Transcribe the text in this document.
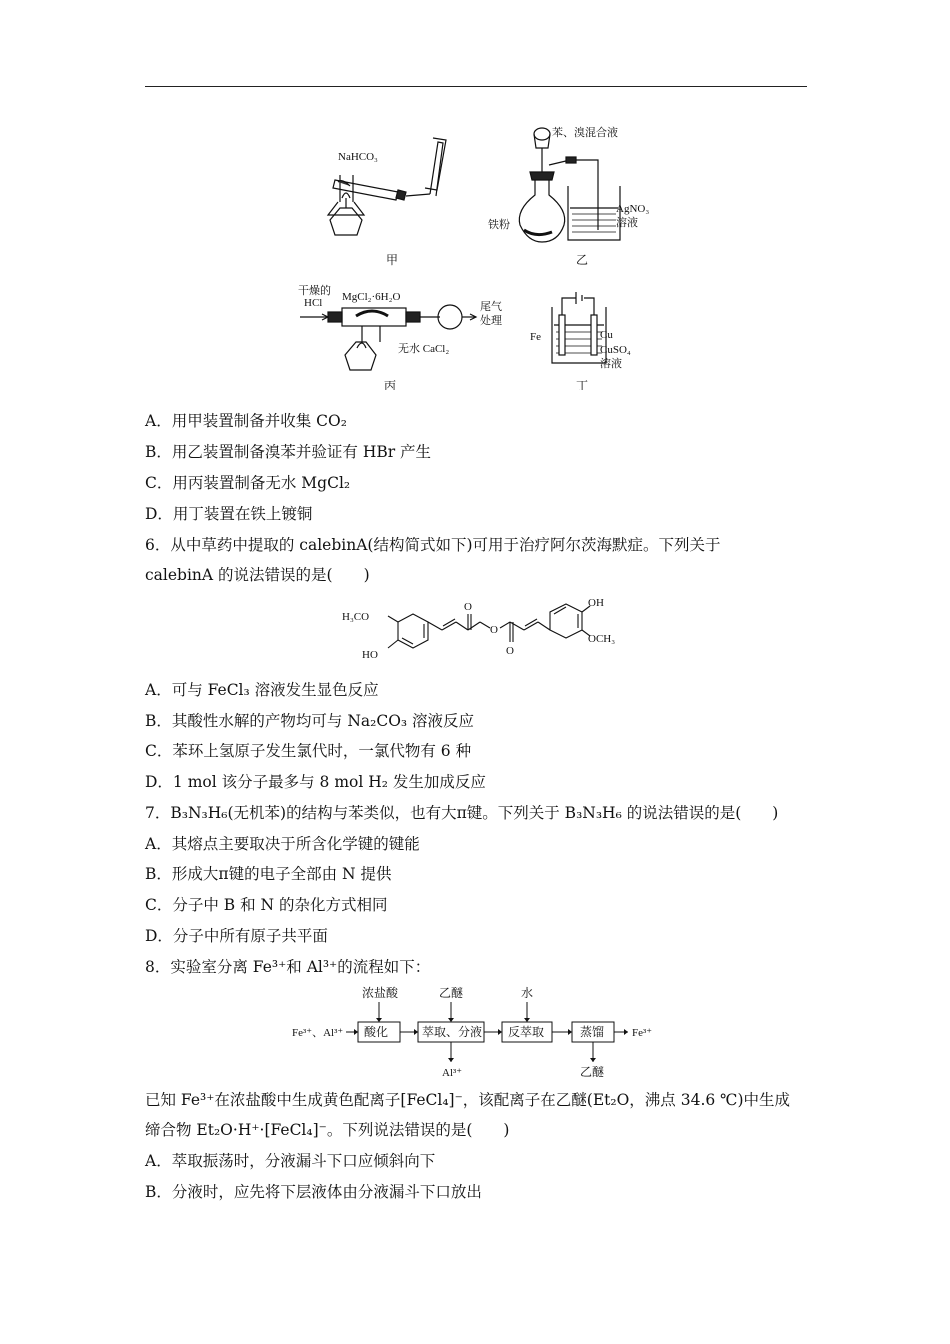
NaHCO₃
甲
苯、溴混合液
铁粉
AgNO₃
溶液
乙
干燥的
HCl MgCl₂·6H₂O
无水 CaCl₂
尾气
处理
丙
Fe	Cu
CuSO₄
溶液
丁
A．用甲装置制备并收集 CO₂
B．用乙装置制备溴苯并验证有 HBr 产生
C．用丙装置制备无水 MgCl₂
D．用丁装置在铁上镀铜
6．从中草药中提取的 calebinA(结构简式如下)可用于治疗阿尔茨海默症。下列关于
calebinA 的说法错误的是(　　)
H₃CO
HO
O
O
O
OH
OCH₃
A．可与 FeCl₃ 溶液发生显色反应
B．其酸性水解的产物均可与 Na₂CO₃ 溶液反应
C．苯环上氢原子发生氯代时，一氯代物有 6 种
D．1 mol 该分子最多与 8 mol H₂ 发生加成反应
7．B₃N₃H₆(无机苯)的结构与苯类似，也有大π键。下列关于 B₃N₃H₆ 的说法错误的是(　　)
A．其熔点主要取决于所含化学键的键能
B．形成大π键的电子全部由 N 提供
C．分子中 B 和 N 的杂化方式相同
D．分子中所有原子共平面
8．实验室分离 Fe³⁺和 Al³⁺的流程如下：
Fe³⁺、Al³⁺ 酸化
浓盐酸
萃取、分液
乙醚
Al³⁺
反萃取
水
蒸馏
乙醚
Fe³⁺
已知 Fe³⁺在浓盐酸中生成黄色配离子[FeCl₄]⁻，该配离子在乙醚(Et₂O，沸点 34.6 ℃)中生成
缔合物 Et₂O·H⁺·[FeCl₄]⁻。下列说法错误的是(　　)
A．萃取振荡时，分液漏斗下口应倾斜向下
B．分液时，应先将下层液体由分液漏斗下口放出
